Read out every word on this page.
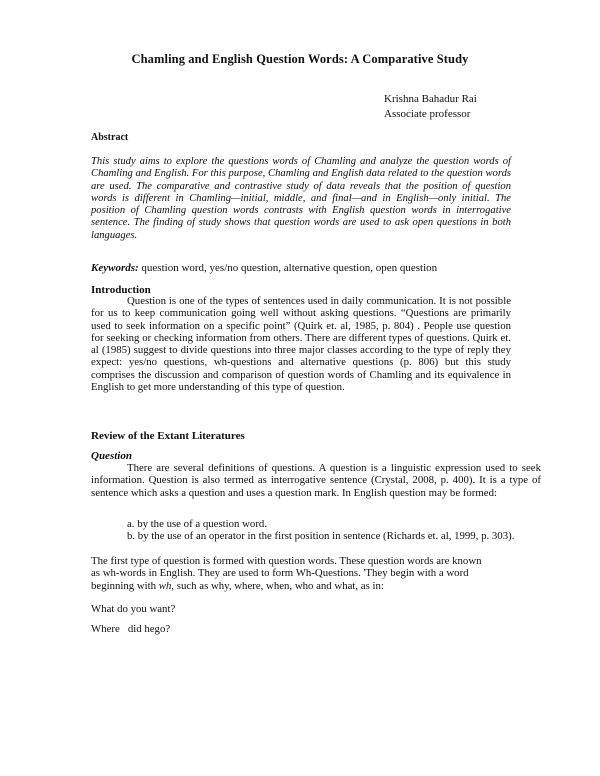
Chamling and English Question Words: A Comparative Study
Krishna Bahadur Rai
Associate professor
Abstract
This study aims to explore the questions words of Chamling and analyze the question words of Chamling and English. For this purpose, Chamling and English data related to the question words are used. The comparative and contrastive study of data reveals that the position of question words is different in Chamling—initial, middle, and final—and in English—only initial. The position of Chamling question words contrasts with English question words in interrogative sentence. The finding of study shows that question words are used to ask open questions in both languages.
Keywords: question word, yes/no question, alternative question, open question
Introduction
Question is one of the types of sentences used in daily communication. It is not possible for us to keep communication going well without asking questions. “Questions are primarily used to seek information on a specific point” (Quirk et. al, 1985, p. 804) . People use question for seeking or checking information from others. There are different types of questions. Quirk et. al (1985) suggest to divide questions into three major classes according to the type of reply they expect: yes/no questions, wh-questions and alternative questions (p. 806) but this study comprises the discussion and comparison of question words of Chamling and its equivalence in English to get more understanding of this type of question.
Review of the Extant Literatures
Question
There are several definitions of questions. A question is a linguistic expression used to seek information. Question is also termed as interrogative sentence (Crystal, 2008, p. 400). It is a type of sentence which asks a question and uses a question mark. In English question may be formed:
a. by the use of a question word.
b. by the use of an operator in the first position in sentence (Richards et. al, 1999, p. 303).
The first type of question is formed with question words. These question words are known
as wh-words in English. They are used to form Wh-Questions. 'They begin with a word
beginning with wh, such as why, where, when, who and what, as in:
What do you want?
Where   did hego?
